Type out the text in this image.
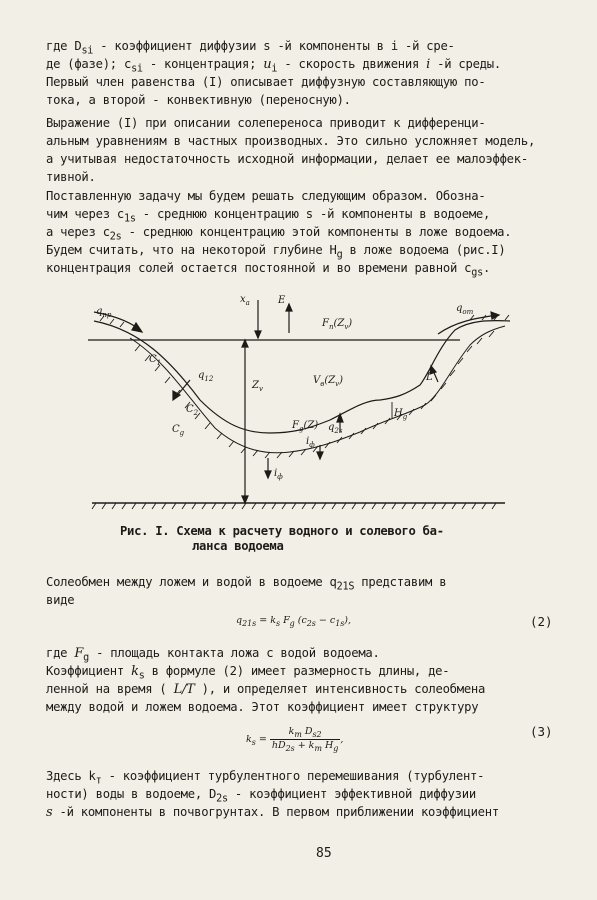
где $D_{si}$ - коэффициент диффузии s -й компоненты в i -й сре-
де (фазе); $c_{si}$ - концентрация; $u_i$ - скорость движения i -й среды.
Первый член равенства (I) описывает диффузную составляющую по-
тока, а второй - конвективную (переносную).
Выражение (I) при описании солепереноса приводит к дифференци-
альным уравнениям в частных производных. Это сильно усложняет модель,
а учитывая недостаточность исходной информации, делает ее малоэффек-
тивной.
Поставленную задачу мы будем решать следующим образом. Обозна-
чим через $c_{1s}$ - среднюю концентрацию s -й компоненты в водоеме,
а через $c_{2s}$ - среднюю концентрацию этой компоненты в ложе водоема.
Будем считать, что на некоторой глубине $H_g$ в ложе водоема (рис.I)
концентрация солей остается постоянной и во времени равной $c_{gs}$.
$q_{пр}$
$x_a$	E
$q_{от}$
$F_п(Z_v)$
$C_1$
$q_{12}$
$Z_v$
$V_в(Z_v)$
$C_2$
$C_g$
$F_g(Z)$
$i_ф$
$q_{2s}$
$H_g$
L
$i_ф$
Рис. I. Схема к расчету водного и солевого ба-
ланса водоема
Солеобмен между ложем и водой в водоеме $q_{21S}$ представим в
виде
$q_{21s} = k_s$ $F_g$ $(c_{2s} - c_{1s})$,	(2)
где $F_g$ - площадь контакта ложа с водой водоема.
Коэффициент $k_s$ в формуле (2) имеет размерность длины, де-
ленной на время ( L/T ), и определяет интенсивность солеобмена
между водой и ложем водоема. Этот коэффициент имеет структуру
$k_s = \frac{k_т D_{s2}}{hD_{2s} + k_т H_g}$ ,
(3)
Здесь $k_т$ - коэффициент турбулентного перемешивания (турбулент-
ности) воды в водоеме, $D_{2s}$ - коэффициент эффективной диффузии
s -й компоненты в почвогрунтах. В первом приближении коэффициент
85
